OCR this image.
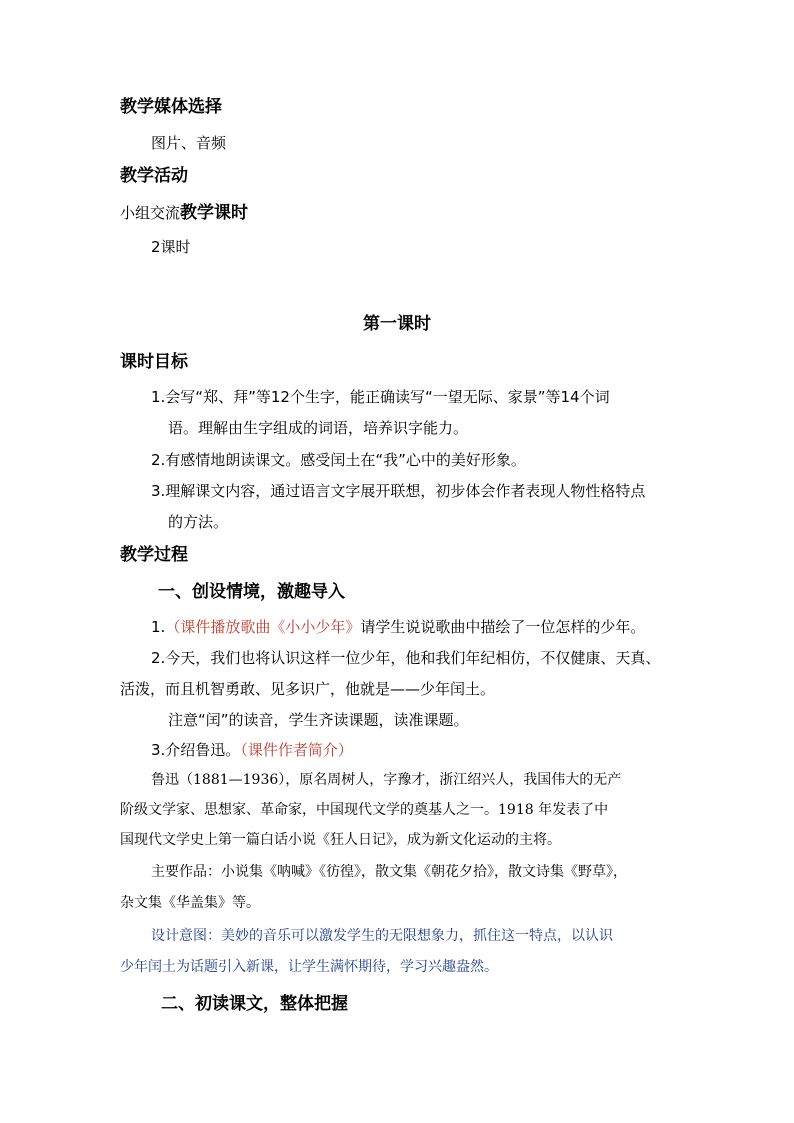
教学媒体选择
图片、音频
教学活动
小组交流教学课时
2课时
第一课时
课时目标
1.会写“郑、拜”等12个生字，能正确读写“一望无际、家景”等14个词
语。理解由生字组成的词语，培养识字能力。
2.有感情地朗读课文。感受闰土在“我”心中的美好形象。
3.理解课文内容，通过语言文字展开联想，初步体会作者表现人物性格特点
的方法。
教学过程
一、创设情境，激趣导入
1.（课件播放歌曲《小小少年》请学生说说歌曲中描绘了一位怎样的少年。
2.今天，我们也将认识这样一位少年，他和我们年纪相仿，不仅健康、天真、
活泼，而且机智勇敢、见多识广，他就是——少年闰土。
注意“闰”的读音，学生齐读课题，读准课题。
3.介绍鲁迅。（课件作者简介）
鲁迅（1881—1936），原名周树人，字豫才，浙江绍兴人，我国伟大的无产
阶级文学家、思想家、革命家，中国现代文学的奠基人之一。1918 年发表了中
国现代文学史上第一篇白话小说《狂人日记》，成为新文化运动的主将。
主要作品：小说集《呐喊》《彷徨》，散文集《朝花夕拾》，散文诗集《野草》，
杂文集《华盖集》等。
设计意图：美妙的音乐可以激发学生的无限想象力，抓住这一特点，以认识
少年闰土为话题引入新课，让学生满怀期待，学习兴趣盎然。
二、初读课文，整体把握
